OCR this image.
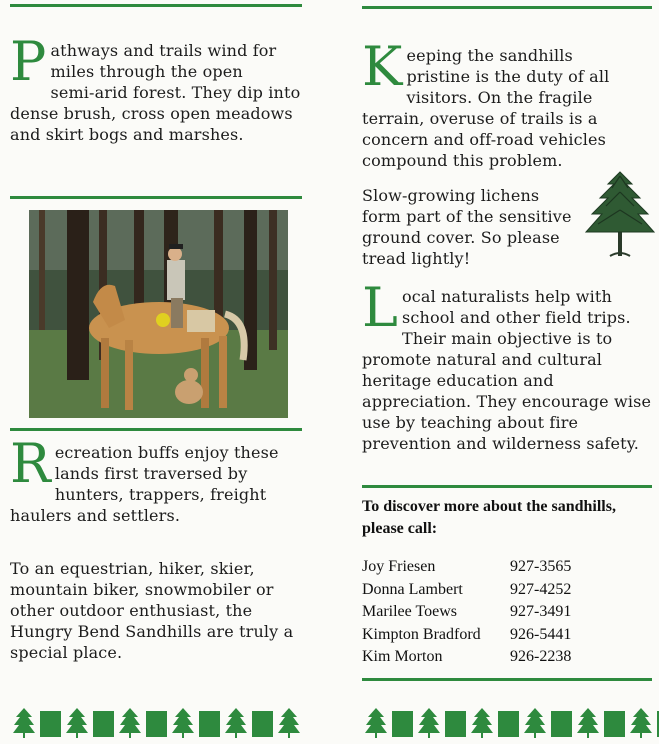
P athways and trails wind for
miles through the open
semi-arid forest. They dip into dense brush, cross open meadows and skirt bogs and marshes.

R ecreation buffs enjoy these
lands first traversed by
hunters, trappers, freight haulers and settlers.

To an equestrian, hiker, skier, mountain biker, snowmobiler or other outdoor enthusiast, the Hungry Bend Sandhills are truly a special place.

K eeping the sandhills
pristine is the duty of all
visitors. On the fragile terrain, overuse of trails is a concern and off-road vehicles compound this problem.

Slow-growing lichens form part of the sensitive ground cover. So please tread lightly!

L ocal naturalists help with
school and other field trips.
Their main objective is to promote natural and cultural heritage education and appreciation. They encourage wise use by teaching about fire prevention and wilderness safety.

To discover more about the sandhills,
please call:

Joy Friesen	927-3565
Donna Lambert	927-4252
Marilee Toews	927-3491
Kimpton Bradford 926-5441
Kim Morton	926-2238
